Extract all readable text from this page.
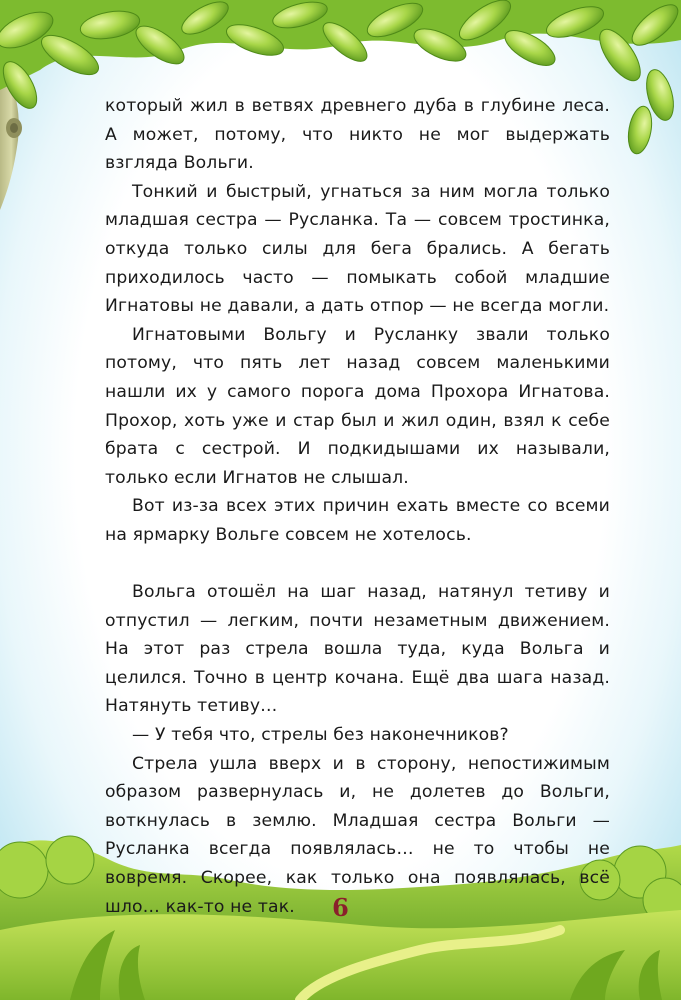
который жил в ветвях древнего дуба в глубине леса. А может, потому, что никто не мог выдержать взгляда Вольги.

Тонкий и быстрый, угнаться за ним могла только младшая сестра — Русланка. Та — совсем тростинка, откуда только силы для бега брались. А бегать приходилось часто — помыкать собой младшие Игнатовы не давали, а дать отпор — не всегда могли.

Игнатовыми Вольгу и Русланку звали только потому, что пять лет назад совсем маленькими нашли их у самого порога дома Прохора Игнатова. Прохор, хоть уже и стар был и жил один, взял к себе брата с сестрой. И подкидышами их называли, только если Игнатов не слышал.

Вот из-за всех этих причин ехать вместе со всеми на ярмарку Вольге совсем не хотелось.

Вольга отошёл на шаг назад, натянул тетиву и отпустил — легким, почти незаметным движением. На этот раз стрела вошла туда, куда Вольга и целился. Точно в центр кочана. Ещё два шага назад. Натянуть тетиву…

— У тебя что, стрелы без наконечников?

Стрела ушла вверх и в сторону, непостижимым образом развернулась и, не долетев до Вольги, воткнулась в землю. Младшая сестра Вольги — Русланка всегда появлялась… не то чтобы не вовремя. Скорее, как только она появлялась, всё шло… как-то не так.	6
